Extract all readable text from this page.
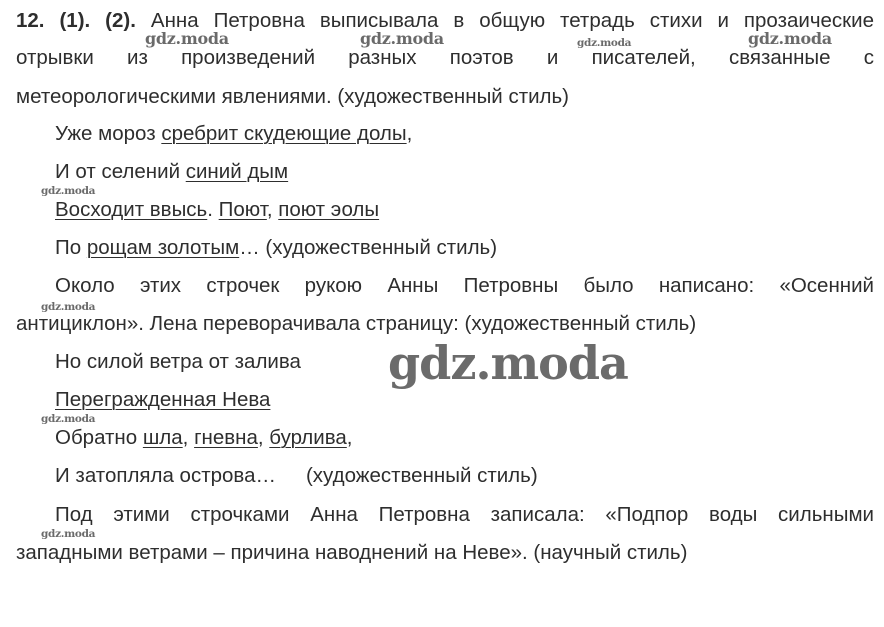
12. (1). (2). Анна Петровна выписывала в общую тетрадь стихи и прозаические
отрывки из произведений разных поэтов и писателей, связанные с
метеорологическими явлениями. (художественный стиль)
Уже мороз сребрит скудеющие долы,
И от селений синий дым
Восходит ввысь. Поют, поют эолы
По рощам золотым… (художественный стиль)
Около этих строчек рукою Анны Петровны было написано: «Осенний
антициклон». Лена переворачивала страницу: (художественный стиль)
Но силой ветра от залива
Перегражденная Нева
Обратно шла, гневна, бурлива,
И затопляла острова… (художественный стиль)
Под этими строчками Анна Петровна записала: «Подпор воды сильными
западными ветрами – причина наводнений на Неве». (научный стиль)
gdz.moda	gdz.moda	gdz.moda	gdz.moda
gdz.moda
gdz.moda
gdz.moda
gdz.moda
gdz.moda
